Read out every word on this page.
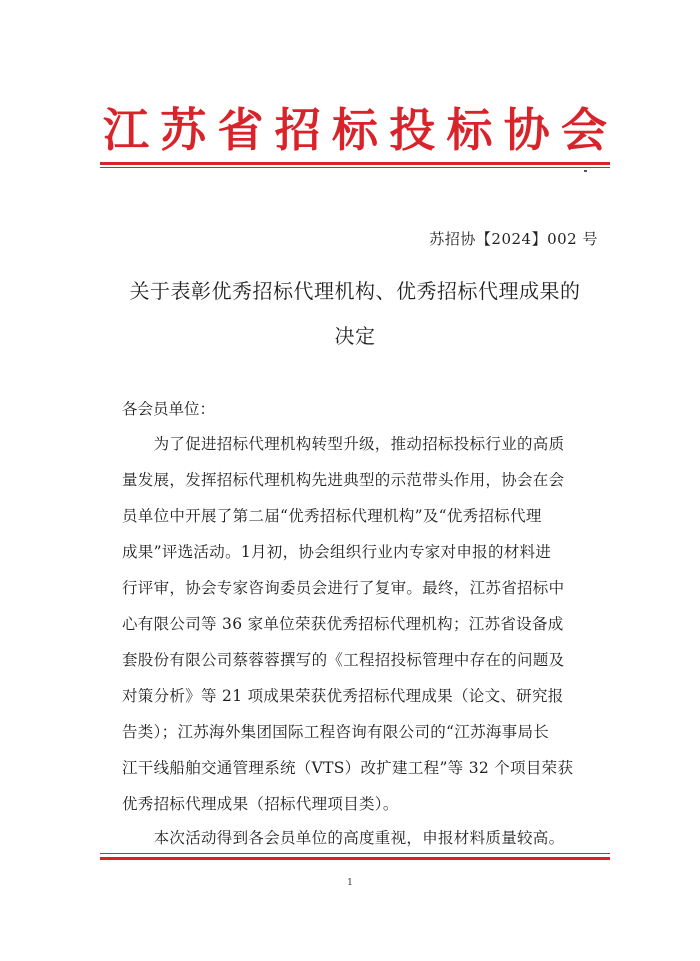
江 苏 省 招 标 投 标 协 会
苏招协【2024】002 号
关于表彰优秀招标代理机构、优秀招标代理成果的
决定
各会员单位：
　　为了促进招标代理机构转型升级，推动招标投标行业的高质
量发展，发挥招标代理机构先进典型的示范带头作用，协会在会
员单位中开展了第二届“优秀招标代理机构”及“优秀招标代理
成果”评选活动。1月初，协会组织行业内专家对申报的材料进
行评审，协会专家咨询委员会进行了复审。最终，江苏省招标中
心有限公司等 36 家单位荣获优秀招标代理机构；江苏省设备成
套股份有限公司蔡蓉蓉撰写的《工程招投标管理中存在的问题及
对策分析》等 21 项成果荣获优秀招标代理成果（论文、研究报
告类）；江苏海外集团国际工程咨询有限公司的“江苏海事局长
江干线船舶交通管理系统（VTS）改扩建工程”等 32 个项目荣获
优秀招标代理成果（招标代理项目类）。
　　本次活动得到各会员单位的高度重视，申报材料质量较高。
1
